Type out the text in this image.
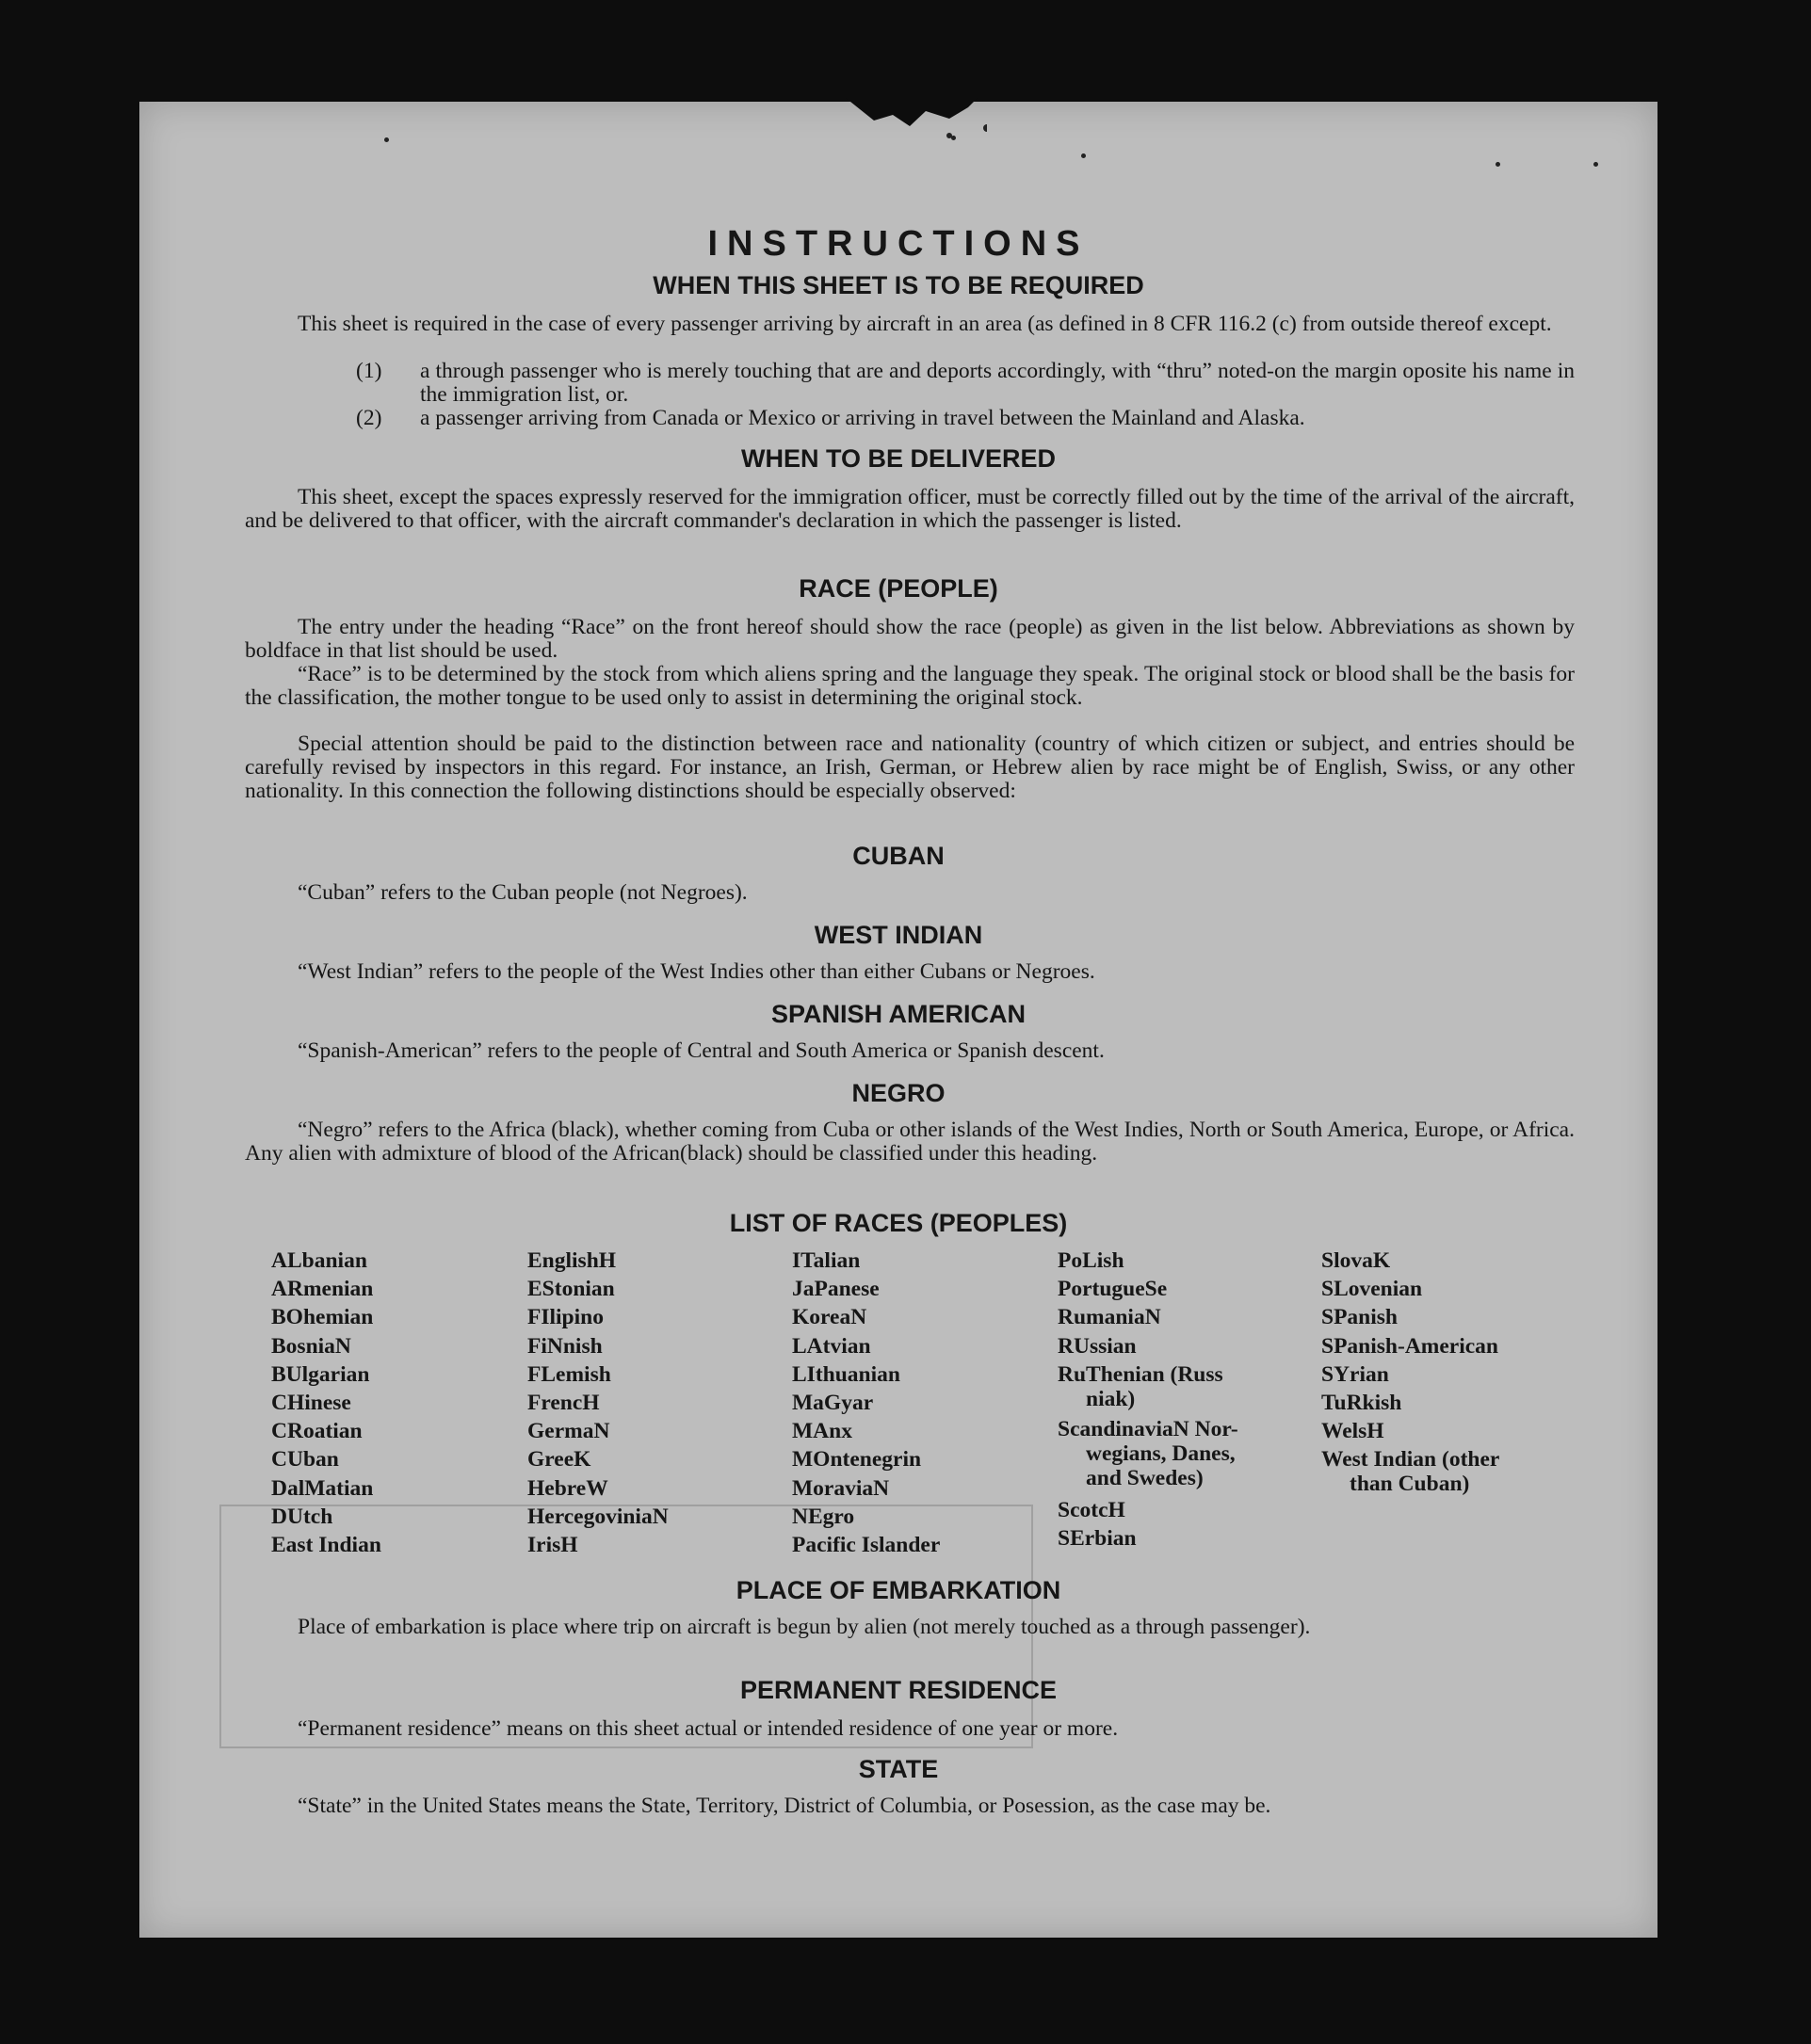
INSTRUCTIONS
WHEN THIS SHEET IS TO BE REQUIRED
This sheet is required in the case of every passenger arriving by aircraft in an area (as defined in 8 CFR 116.2 (c) from outside thereof except.
(1) a through passenger who is merely touching that are and deports accordingly, with “thru” noted-on the margin oposite his name in the immigration list, or.
(2) a passenger arriving from Canada or Mexico or arriving in travel between the Mainland and Alaska.
WHEN TO BE DELIVERED
This sheet, except the spaces expressly reserved for the immigration officer, must be correctly filled out by the time of the arrival of the aircraft, and be delivered to that officer, with the aircraft commander's declaration in which the passenger is listed.
RACE (PEOPLE)
The entry under the heading “Race” on the front hereof should show the race (people) as given in the list below. Abbreviations as shown by boldface in that list should be used.
“Race” is to be determined by the stock from which aliens spring and the language they speak. The original stock or blood shall be the basis for the classification, the mother tongue to be used only to assist in determining the original stock.
Special attention should be paid to the distinction between race and nationality (country of which citizen or subject, and entries should be carefully revised by inspectors in this regard. For instance, an Irish, German, or Hebrew alien by race might be of English, Swiss, or any other nationality. In this connection the following distinctions should be especially observed:
CUBAN
“Cuban” refers to the Cuban people (not Negroes).
WEST INDIAN
“West Indian” refers to the people of the West Indies other than either Cubans or Negroes.
SPANISH AMERICAN
“Spanish-American” refers to the people of Central and South America or Spanish descent.
NEGRO
“Negro” refers to the Africa (black), whether coming from Cuba or other islands of the West Indies, North or South America, Europe, or Africa. Any alien with admixture of blood of the African(black) should be classified under this heading.
LIST OF RACES (PEOPLES)
ALbanian
ARmenian
BOhemian
BosniaN
BUlgarian
CHinese
CRoatian
CUban
DalMatian
DUtch
East Indian
EnglishH
EStonian
FIlipino
FiNnish
FLemish
FrencH
GermaN
GreeK
HebreW
HercegoviniaN
IrisH
ITalian
JaPanese
KoreaN
LAtvian
LIthuanian
MaGyar
MAnx
MOntenegrin
MoraviaN
NEgro
Pacific Islander
PoLish
PortugueSe
RumaniaN
RUssian
RuThenian (Russ
niak)
ScandinaviaN Nor-
wegians, Danes,
and Swedes)
ScotcH
SErbian
SlovaK
SLovenian
SPanish
SPanish-American
SYrian
TuRkish
WelsH
West Indian (other
than Cuban)
PLACE OF EMBARKATION
Place of embarkation is place where trip on aircraft is begun by alien (not merely touched as a through passenger).
PERMANENT RESIDENCE
“Permanent residence” means on this sheet actual or intended residence of one year or more.
STATE
“State” in the United States means the State, Territory, District of Columbia, or Posession, as the case may be.
